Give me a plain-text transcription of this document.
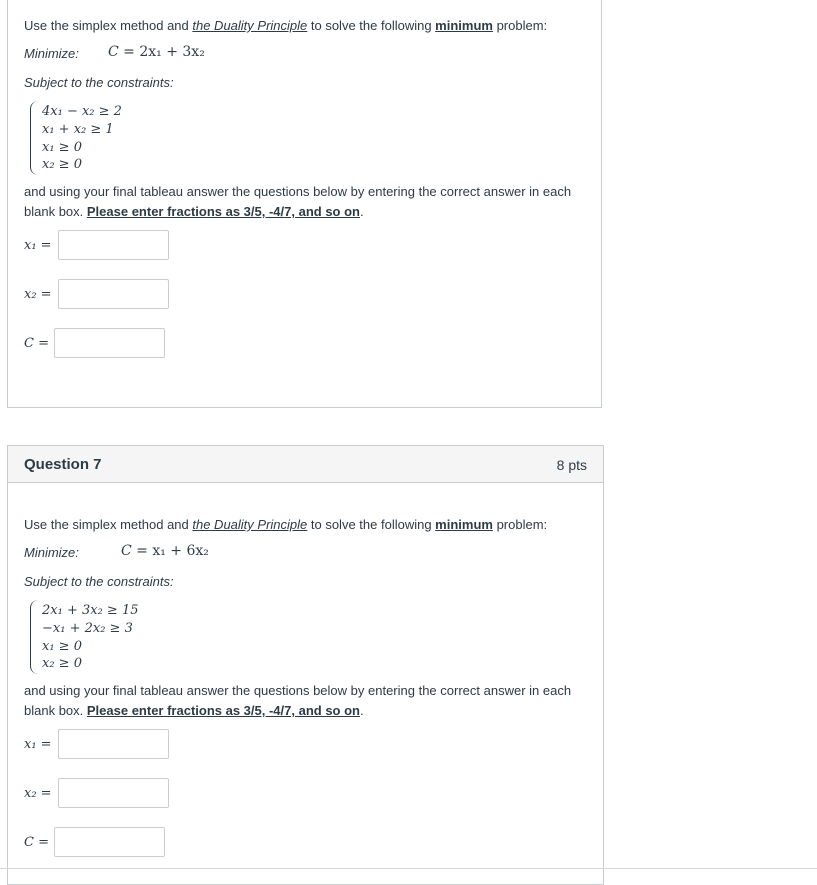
Use the simplex method and the Duality Principle to solve the following minimum problem:
Minimize: C = 2x₁ + 3x₂
Subject to the constraints:
4x₁ − x₂ ≥ 2
x₁ + x₂ ≥ 1
x₁ ≥ 0
x₂ ≥ 0
and using your final tableau answer the questions below by entering the correct answer in each
blank box. Please enter fractions as 3/5, -4/7, and so on.
x₁ =
x₂ =
C =
Question 7	8 pts
Use the simplex method and the Duality Principle to solve the following minimum problem:
Minimize:	C = x₁ + 6x₂
Subject to the constraints:
2x₁ + 3x₂ ≥ 15
−x₁ + 2x₂ ≥ 3
x₁ ≥ 0
x₂ ≥ 0
and using your final tableau answer the questions below by entering the correct answer in each
blank box. Please enter fractions as 3/5, -4/7, and so on.
x₁ =
x₂ =
C =
